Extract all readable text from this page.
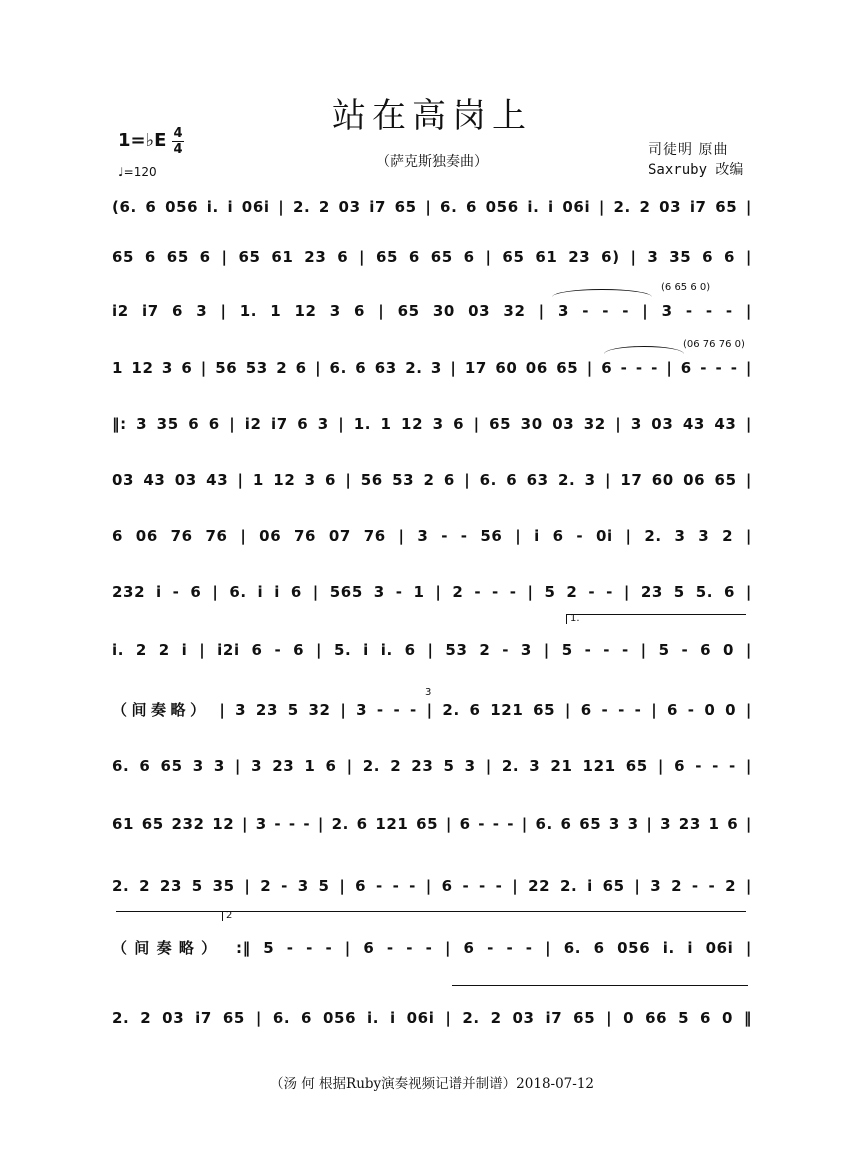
站在高岗上
1=♭E 4
4
♩=120
（萨克斯独奏曲）
司徒明 原曲
Saxruby 改编
(6. 6 056 i. i 06i | 2. 2 03 i7 65 | 6. 6 056 i. i 06i | 2. 2 03 i7 65 |
65 6 65 6 | 65 61 23 6 | 65 6 65 6 | 65 61 23 6) | 3 35 6 6 |
i2 i7 6 3 | 1. 1 12 3 6 | 65 30 03 32 | 3 - - - | 3 - - - |
(6 65 6 0)
1 12 3 6 | 56 53 2 6 | 6. 6 63 2. 3 | 17 60 06 65 | 6 - - - | 6 - - - |
(06 76 76 0)
‖: 3 35 6 6 | i2 i7 6 3 | 1. 1 12 3 6 | 65 30 03 32 | 3 03 43 43 |
03 43 03 43 | 1 12 3 6 | 56 53 2 6 | 6. 6 63 2. 3 | 17 60 06 65 |
6 06 76 76 | 06 76 07 76 | 3 - - 56 | i 6 - 0i | 2. 3 3 2 |
232 i - 6 | 6. i i 6 | 565 3 - 1 | 2 - - - | 5 2 - - | 23 5 5. 6 |
1.
i. 2 2 i | i2i 6 - 6 | 5. i i. 6 | 53 2 - 3 | 5 - - - | 5 - 6 0 |
（间奏略） | 3 23 5 32 | 3 - - - | 2. 6 121 65 | 6 - - - | 6 - 0 0 |
3
6. 6 65 3 3 | 3 23 1 6 | 2. 2 23 5 3 | 2. 3 21 121 65 | 6 - - - |
61 65 232 12 | 3 - - - | 2. 6 121 65 | 6 - - - | 6. 6 65 3 3 | 3 23 1 6 |
2. 2 23 5 35 | 2 - 3 5 | 6 - - - | 6 - - - | 22 2. i 65 | 3 2 - - 2 |
2
（间奏略） :‖ 5 - - - | 6 - - - | 6 - - - | 6. 6 056 i. i 06i |
2. 2 03 i7 65 | 6. 6 056 i. i 06i | 2. 2 03 i7 65 | 0 66 5 6 0 ‖
（汤 何 根据Ruby演奏视频记谱并制谱）2018-07-12
